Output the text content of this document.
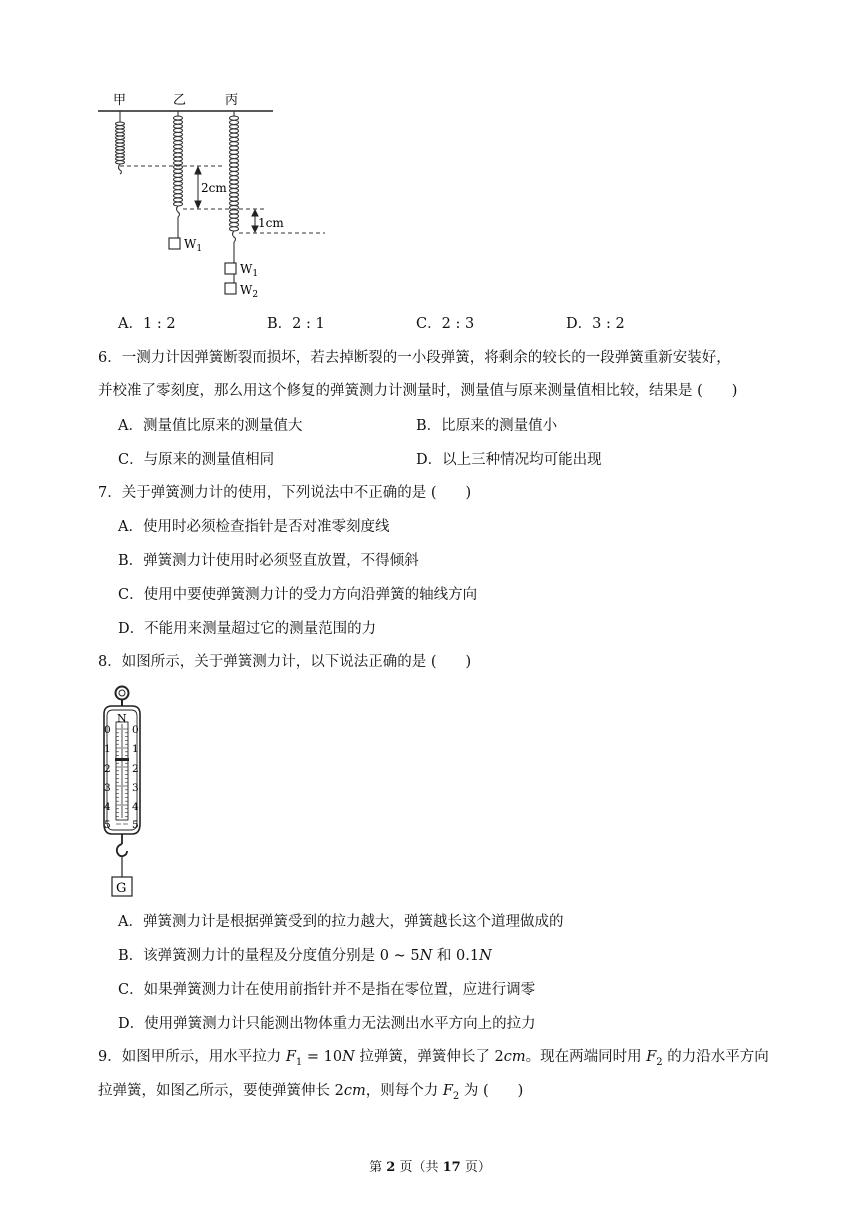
甲	乙	丙
2cm
1cm
$W_1$
$W_1$
$W_2$
A．1 : 2	B．2 : 1	C．2 : 3	D．3 : 2
6．一测力计因弹簧断裂而损坏，若去掉断裂的一小段弹簧，将剩余的较长的一段弹簧重新安装好，
并校准了零刻度，那么用这个修复的弹簧测力计测量时，测量值与原来测量值相比较，结果是 (　　)
A．测量值比原来的测量值大	B．比原来的测量值小
C．与原来的测量值相同	D．以上三种情况均可能出现
7．关于弹簧测力计的使用，下列说法中不正确的是 (　　)
A．使用时必须检查指针是否对准零刻度线
B．弹簧测力计使用时必须竖直放置，不得倾斜
C．使用中要使弹簧测力计的受力方向沿弹簧的轴线方向
D．不能用来测量超过它的测量范围的力
8．如图所示，关于弹簧测力计，以下说法正确的是 (　　)
N
0
1
2
3
4
5
0
1
2
3
4
5
G
A．弹簧测力计是根据弹簧受到的拉力越大，弹簧越长这个道理做成的
B．该弹簧测力计的量程及分度值分别是 0 ~ 5N 和 0.1N
C．如果弹簧测力计在使用前指针并不是指在零位置，应进行调零
D．使用弹簧测力计只能测出物体重力无法测出水平方向上的拉力
9．如图甲所示，用水平拉力 $F_1 = 10N$ 拉弹簧，弹簧伸长了 2cm。现在两端同时用 $F_2$ 的力沿水平方向
拉弹簧，如图乙所示，要使弹簧伸长 2cm，则每个力 $F_2$ 为 (　　)
第 2 页（共 17 页）
